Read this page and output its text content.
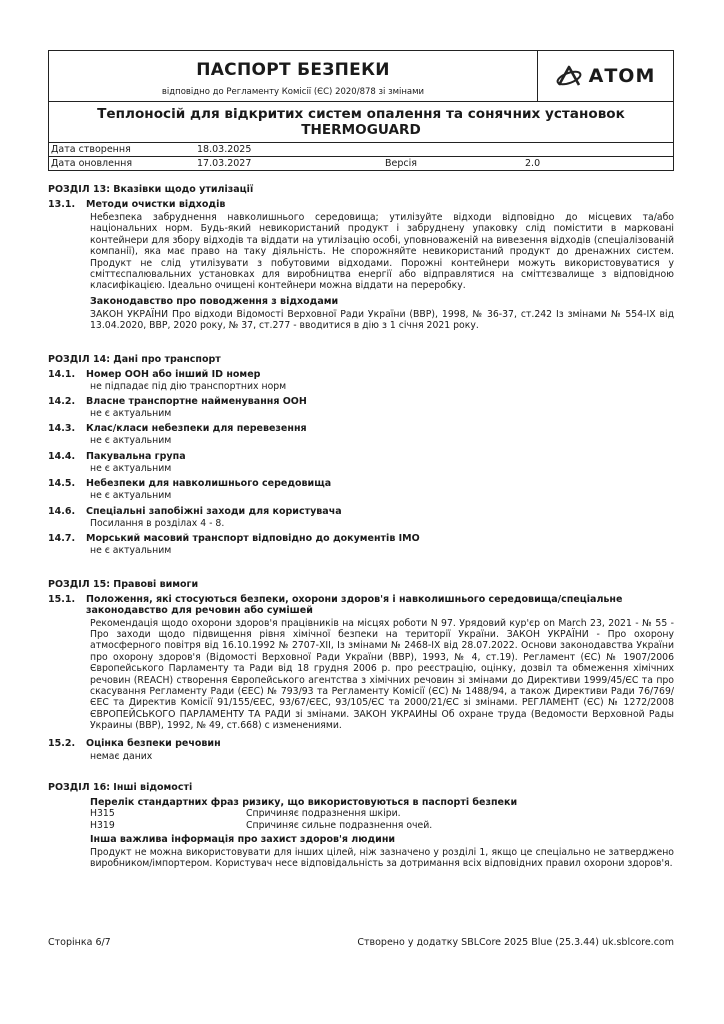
ПАСПОРТ БЕЗПЕКИ
відповідно до Регламенту Комісії (ЄС) 2020/878 зі змінами
АТОМ
Теплоносій для відкритих систем опалення та сонячних установок
THERMOGUARD
Дата створення	18.03.2025
Дата оновлення	17.03.2027	Версія	2.0
РОЗДІЛ 13: Вказівки щодо утилізації
13.1.	Методи очистки відходів
Небезпека забруднення навколишнього середовища; утилізуйте відходи відповідно до місцевих та/або національних норм. Будь-який невикористаний продукт і забруднену упаковку слід помістити в марковані контейнери для збору відходів та віддати на утилізацію особі, уповноваженій на вивезення відходів (спеціалізованій компанії), яка має право на таку діяльність. Не спорожняйте невикористаний продукт до дренажних систем. Продукт не слід утилізувати з побутовими відходами. Порожні контейнери можуть використовуватися у сміттєспалювальних установках для виробництва енергії або відправлятися на сміттєзвалище з відповідною класифікацією. Ідеально очищені контейнери можна віддати на переробку.
Законодавство про поводження з відходами
ЗАКОН УКРАЇНИ Про відходи Відомості Верховної Ради України (ВВР), 1998, № 36-37, ст.242 Із змінами № 554-IX від 13.04.2020, ВВР, 2020 року, № 37, ст.277 - вводитися в дію з 1 січня 2021 року.
РОЗДІЛ 14: Дані про транспорт
14.1.	Номер ООН або інший ID номер
не підпадає під дію транспортних норм
14.2.	Власне транспортне найменування ООН
не є актуальним
14.3.	Клас/класи небезпеки для перевезення
не є актуальним
14.4.	Пакувальна група
не є актуальним
14.5.	Небезпеки для навколишнього середовища
не є актуальним
14.6.	Спеціальні запобіжні заходи для користувача
Посилання в розділах 4 - 8.
14.7.	Морський масовий транспорт відповідно до документів IMO
не є актуальним
РОЗДІЛ 15: Правові вимоги
15.1.	Положення, які стосуються безпеки, охорони здоров'я і навколишнього середовища/спеціальне законодавство для речовин або сумішей
Рекомендація щодо охорони здоров'я працівників на місцях роботи N 97. Урядовий кур'єр on March 23, 2021 - № 55 - Про заходи щодо підвищення рівня хімічної безпеки на території України. ЗАКОН УКРАЇНИ - Про охорону атмосферного повітря від 16.10.1992 № 2707-XII, Із змінами № 2468-IX від 28.07.2022. Основи законодавства України про охорону здоров'я (Відомості Верховної Ради України (ВВР), 1993, № 4, ст.19). Регламент (ЄС) № 1907/2006 Європейського Парламенту та Ради від 18 грудня 2006 р. про реєстрацію, оцінку, дозвіл та обмеження хімічних речовин (REACH) створення Європейського агентства з хімічних речовин зі змінами до Директиви 1999/45/ЄС та про скасування Регламенту Ради (ЄЕС) № 793/93 та Регламенту Комісії (ЄС) № 1488/94, а також Директиви Ради 76/769/ЄЕС та Директив Комісії 91/155/ЄЕС, 93/67/ЄЕС, 93/105/ЄС та 2000/21/ЄС зі змінами. РЕГЛАМЕНТ (ЄС) № 1272/2008 ЄВРОПЕЙСЬКОГО ПАРЛАМЕНТУ ТА РАДИ зі змінами. ЗАКОН УКРАИНЫ Об охране труда (Ведомости Верховной Рады Украины (ВВР), 1992, № 49, ст.668) с изменениями.
15.2.	Оцінка безпеки речовин
немає даних
РОЗДІЛ 16: Інші відомості
Перелік стандартних фраз ризику, що використовуються в паспорті безпеки
H315	Спричиняє подразнення шкіри.
H319	Спричиняє сильне подразнення очей.
Інша важлива інформація про захист здоров'я людини
Продукт не можна використовувати для інших цілей, ніж зазначено у розділі 1, якщо це спеціально не затверджено виробником/імпортером. Користувач несе відповідальність за дотримання всіх відповідних правил охорони здоров'я.
Сторінка 6/7	Створено у додатку SBLCore 2025 Blue (25.3.44) uk.sblcore.com
